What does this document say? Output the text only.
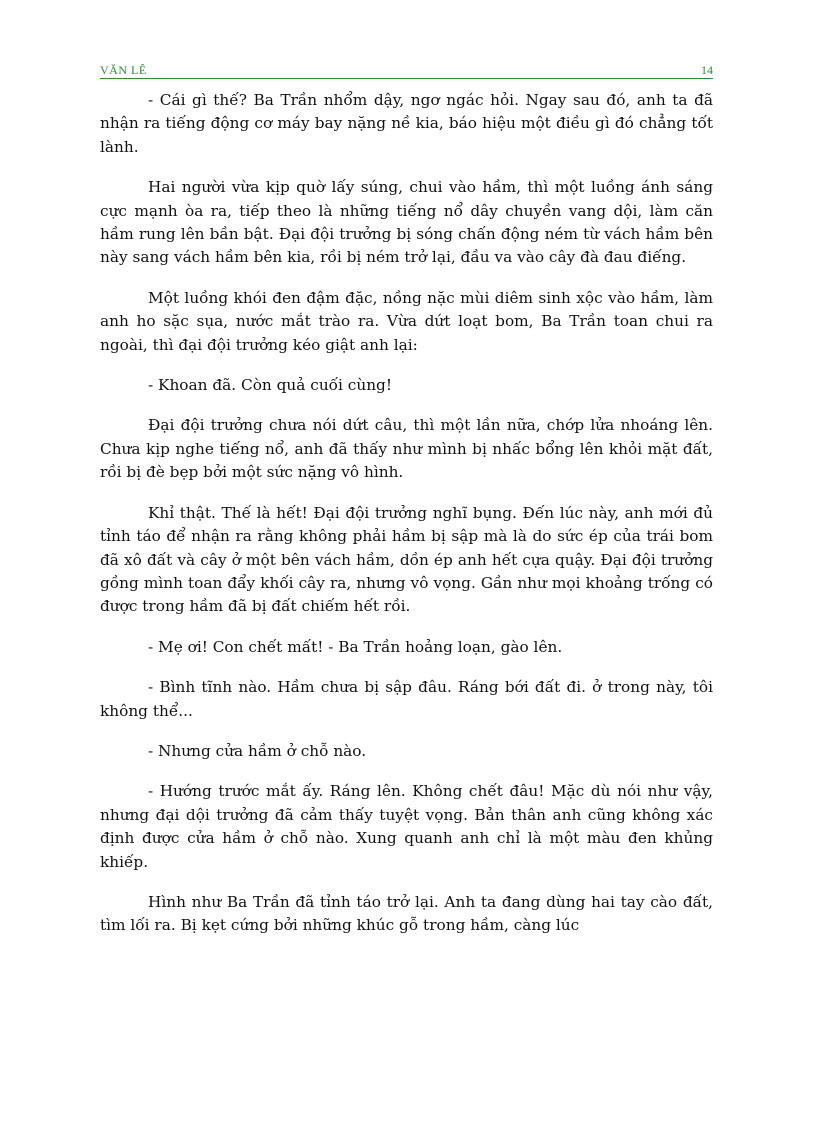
VĂN LÊ	14

- Cái gì thế? Ba Trần nhổm dậy, ngơ ngác hỏi. Ngay sau đó, anh ta đã nhận ra tiếng động cơ máy bay nặng nề kia, báo hiệu một điều gì đó chẳng tốt lành.

Hai người vừa kịp quờ lấy súng, chui vào hầm, thì một luồng ánh sáng cực mạnh òa ra, tiếp theo là những tiếng nổ dây chuyền vang dội, làm căn hầm rung lên bần bật. Đại đội trưởng bị sóng chấn động ném từ vách hầm bên này sang vách hầm bên kia, rồi bị ném trở lại, đầu va vào cây đà đau điếng.

Một luồng khói đen đậm đặc, nồng nặc mùi diêm sinh xộc vào hầm, làm anh ho sặc sụa, nước mắt trào ra. Vừa dứt loạt bom, Ba Trần toan chui ra ngoài, thì đại đội trưởng kéo giật anh lại:

- Khoan đã. Còn quả cuối cùng!

Đại đội trưởng chưa nói dứt câu, thì một lần nữa, chớp lửa nhoáng lên. Chưa kịp nghe tiếng nổ, anh đã thấy như mình bị nhấc bổng lên khỏi mặt đất, rồi bị đè bẹp bởi một sức nặng vô hình.

Khỉ thật. Thế là hết! Đại đội trưởng nghĩ bụng. Đến lúc này, anh mới đủ tỉnh táo để nhận ra rằng không phải hầm bị sập mà là do sức ép của trái bom đã xô đất và cây ở một bên vách hầm, dồn ép anh hết cựa quậy. Đại đội trưởng gồng mình toan đẩy khối cây ra, nhưng vô vọng. Gần như mọi khoảng trống có được trong hầm đã bị đất chiếm hết rồi.

- Mẹ ơi! Con chết mất! - Ba Trần hoảng loạn, gào lên.

- Bình tĩnh nào. Hầm chưa bị sập đâu. Ráng bới đất đi. ở trong này, tôi không thể...

- Nhưng cửa hầm ở chỗ nào.

- Hướng trước mắt ấy. Ráng lên. Không chết đâu! Mặc dù nói như vậy, nhưng đại dội trưởng đã cảm thấy tuyệt vọng. Bản thân anh cũng không xác định được cửa hầm ở chỗ nào. Xung quanh anh chỉ là một màu đen khủng khiếp.

Hình như Ba Trần đã tỉnh táo trở lại. Anh ta đang dùng hai tay cào đất, tìm lối ra. Bị kẹt cứng bởi những khúc gỗ trong hầm, càng lúc
